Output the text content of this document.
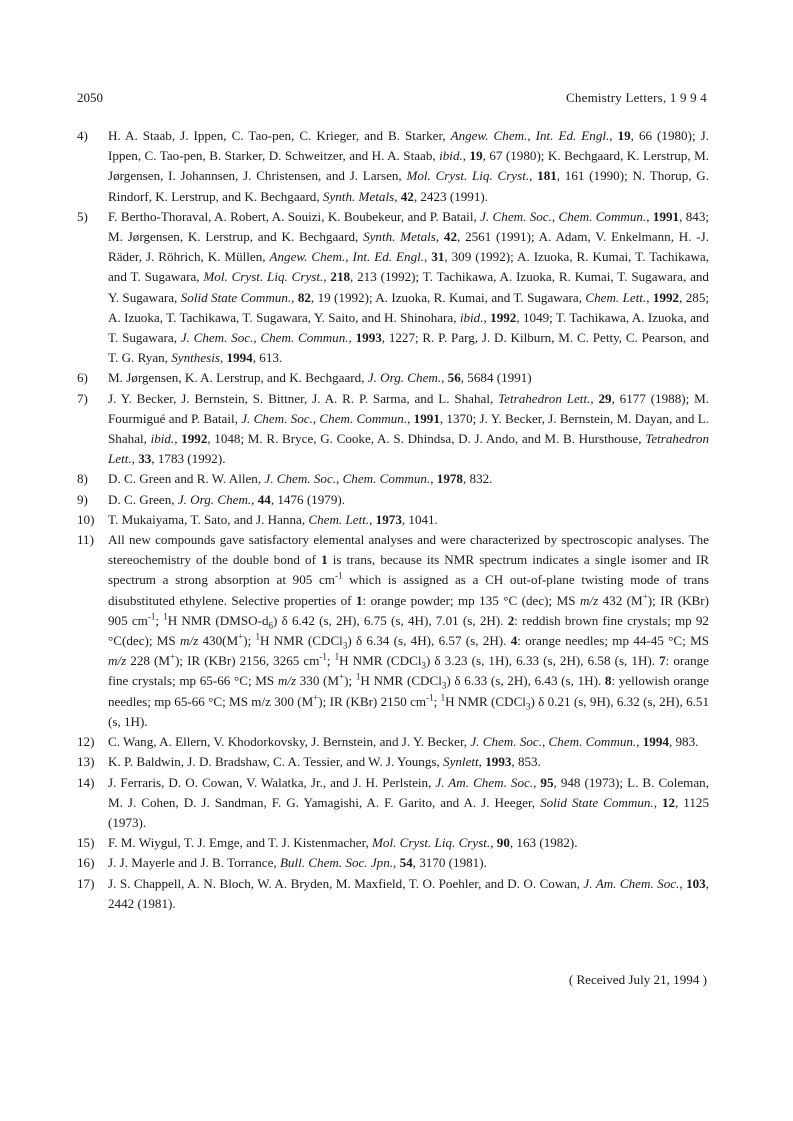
2050	Chemistry Letters, 1 9 9 4
4)	H. A. Staab, J. Ippen, C. Tao-pen, C. Krieger, and B. Starker, Angew. Chem., Int. Ed. Engl., 19, 66 (1980); J. Ippen, C. Tao-pen, B. Starker, D. Schweitzer, and H. A. Staab, ibid., 19, 67 (1980); K. Bechgaard, K. Lerstrup, M. Jørgensen, I. Johannsen, J. Christensen, and J. Larsen, Mol. Cryst. Liq. Cryst., 181, 161 (1990); N. Thorup, G. Rindorf, K. Lerstrup, and K. Bechgaard, Synth. Metals, 42, 2423 (1991).
5)	F. Bertho-Thoraval, A. Robert, A. Souizi, K. Boubekeur, and P. Batail, J. Chem. Soc., Chem. Commun., 1991, 843; M. Jørgensen, K. Lerstrup, and K. Bechgaard, Synth. Metals, 42, 2561 (1991); A. Adam, V. Enkelmann, H. -J. Räder, J. Röhrich, K. Müllen, Angew. Chem., Int. Ed. Engl., 31, 309 (1992); A. Izuoka, R. Kumai, T. Tachikawa, and T. Sugawara, Mol. Cryst. Liq. Cryst., 218, 213 (1992); T. Tachikawa, A. Izuoka, R. Kumai, T. Sugawara, and Y. Sugawara, Solid State Commun., 82, 19 (1992); A. Izuoka, R. Kumai, and T. Sugawara, Chem. Lett., 1992, 285; A. Izuoka, T. Tachikawa, T. Sugawara, Y. Saito, and H. Shinohara, ibid., 1992, 1049; T. Tachikawa, A. Izuoka, and T. Sugawara, J. Chem. Soc., Chem. Commun., 1993, 1227; R. P. Parg, J. D. Kilburn, M. C. Petty, C. Pearson, and T. G. Ryan, Synthesis, 1994, 613.
6)	M. Jørgensen, K. A. Lerstrup, and K. Bechgaard, J. Org. Chem., 56, 5684 (1991)
7)	J. Y. Becker, J. Bernstein, S. Bittner, J. A. R. P. Sarma, and L. Shahal, Tetrahedron Lett., 29, 6177 (1988); M. Fourmigué and P. Batail, J. Chem. Soc., Chem. Commun., 1991, 1370; J. Y. Becker, J. Bernstein, M. Dayan, and L. Shahal, ibid., 1992, 1048; M. R. Bryce, G. Cooke, A. S. Dhindsa, D. J. Ando, and M. B. Hursthouse, Tetrahedron Lett., 33, 1783 (1992).
8)	D. C. Green and R. W. Allen, J. Chem. Soc., Chem. Commun., 1978, 832.
9)	D. C. Green, J. Org. Chem., 44, 1476 (1979).
10)	T. Mukaiyama, T. Sato, and J. Hanna, Chem. Lett., 1973, 1041.
11)	All new compounds gave satisfactory elemental analyses and were characterized by spectroscopic analyses. The stereochemistry of the double bond of 1 is trans, because its NMR spectrum indicates a single isomer and IR spectrum a strong absorption at 905 $cm^{-1}$ which is assigned as a CH out-of-plane twisting mode of trans disubstituted ethylene. Selective properties of 1: orange powder; mp 135 °C (dec); MS m/z 432 (M+); IR (KBr) 905 $cm^{-1}$; $^1$H NMR $(DMSO-d_6)$ δ 6.42 (s, 2H), 6.75 (s, 4H), 7.01 (s, 2H). 2: reddish brown fine crystals; mp 92 °C(dec); MS m/z 430(M+); $^1$H NMR (CDCl$_3$) δ 6.34 (s, 4H), 6.57 (s, 2H). 4: orange needles; mp 44-45 °C; MS m/z 228 (M+); IR (KBr) 2156, 3265 $cm^{-1}$; $^1$H NMR (CDCl$_3$) δ 3.23 (s, 1H), 6.33 (s, 2H), 6.58 (s, 1H). 7: orange fine crystals; mp 65-66 °C; MS m/z 330 (M+); $^1$H NMR (CDCl$_3$) δ 6.33 (s, 2H), 6.43 (s, 1H). 8: yellowish orange needles; mp 65-66 °C; MS m/z 300 (M+); IR (KBr) 2150 $cm^{-1}$; $^1$H NMR (CDCl$_3$) δ 0.21 (s, 9H), 6.32 (s, 2H), 6.51 (s, 1H).
12)	C. Wang, A. Ellern, V. Khodorkovsky, J. Bernstein, and J. Y. Becker, J. Chem. Soc., Chem. Commun., 1994, 983.
13)	K. P. Baldwin, J. D. Bradshaw, C. A. Tessier, and W. J. Youngs, Synlett, 1993, 853.
14)	J. Ferraris, D. O. Cowan, V. Walatka, Jr., and J. H. Perlstein, J. Am. Chem. Soc., 95, 948 (1973); L. B. Coleman, M. J. Cohen, D. J. Sandman, F. G. Yamagishi, A. F. Garito, and A. J. Heeger, Solid State Commun., 12, 1125 (1973).
15)	F. M. Wiygul, T. J. Emge, and T. J. Kistenmacher, Mol. Cryst. Liq. Cryst., 90, 163 (1982).
16)	J. J. Mayerle and J. B. Torrance, Bull. Chem. Soc. Jpn., 54, 3170 (1981).
17)	J. S. Chappell, A. N. Bloch, W. A. Bryden, M. Maxfield, T. O. Poehler, and D. O. Cowan, J. Am. Chem. Soc., 103, 2442 (1981).
( Received July 21, 1994 )
